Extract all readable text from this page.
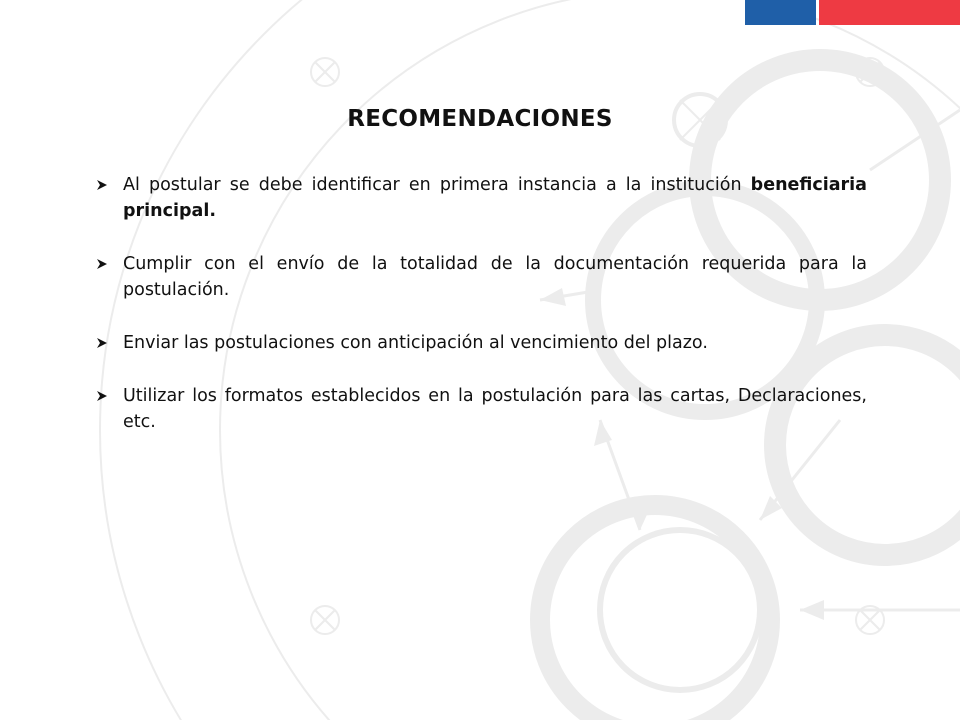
RECOMENDACIONES
Al postular se debe identificar en primera instancia a la institución beneficiaria principal.
Cumplir con el envío de la totalidad de la documentación requerida para la postulación.
Enviar las postulaciones con anticipación al vencimiento del plazo.
Utilizar los formatos establecidos en la postulación para las cartas, Declaraciones, etc.
